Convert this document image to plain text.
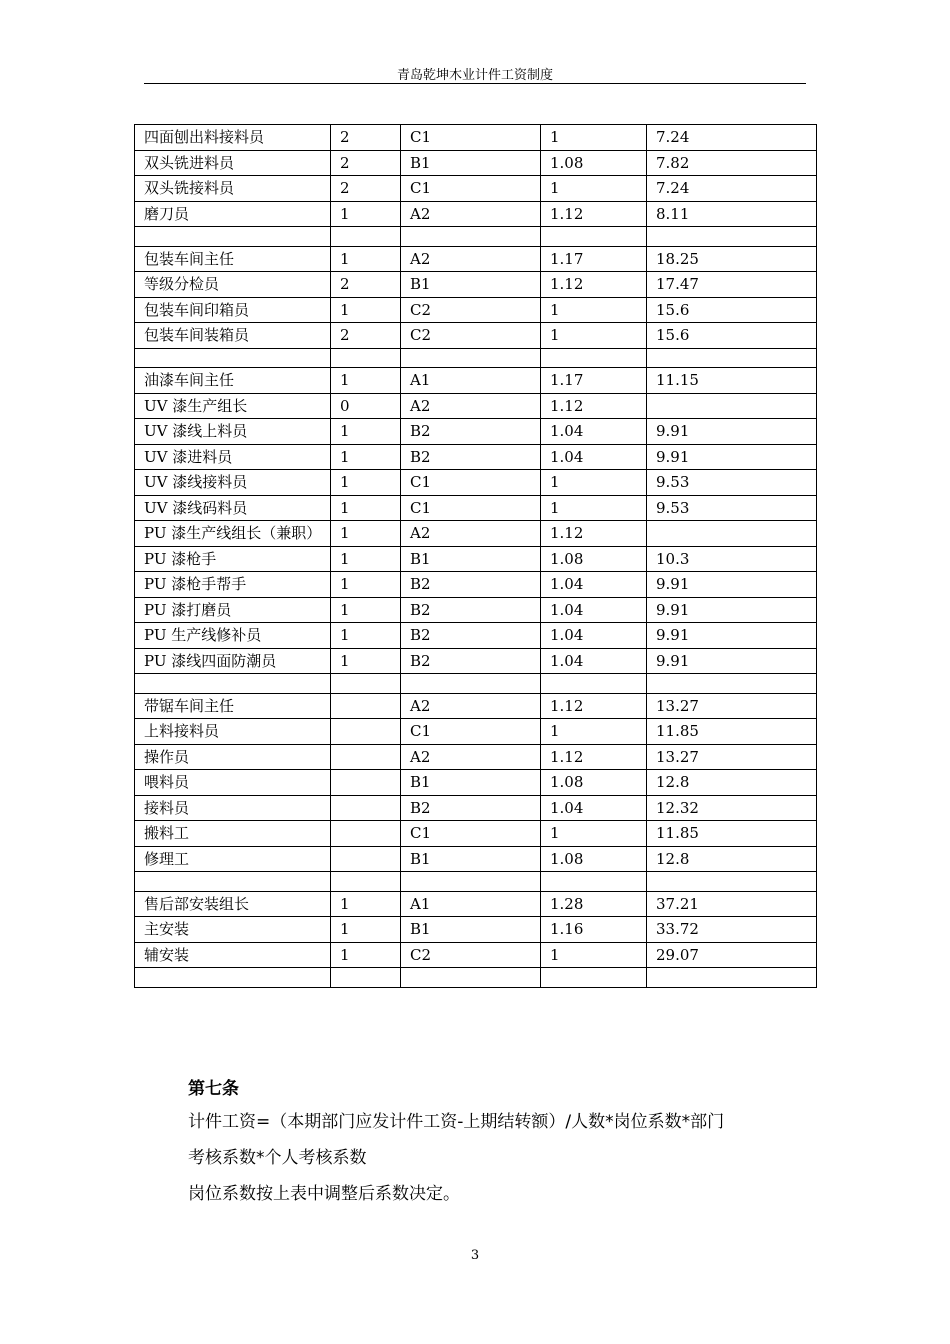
青岛乾坤木业计件工资制度
四面刨出料接料员	2	C1	1	7.24
双头铣进料员	2	B1	1.08	7.82
双头铣接料员	2	C1	1	7.24
磨刀员	1	A2	1.12	8.11

包装车间主任	1	A2	1.17	18.25
等级分检员	2	B1	1.12	17.47
包装车间印箱员	1	C2	1	15.6
包装车间装箱员	2	C2	1	15.6

油漆车间主任	1	A1	1.17	11.15
UV 漆生产组长	0	A2	1.12	
UV 漆线上料员	1	B2	1.04	9.91
UV 漆进料员	1	B2	1.04	9.91
UV 漆线接料员	1	C1	1	9.53
UV 漆线码料员	1	C1	1	9.53
PU 漆生产线组长（兼职）	1	A2	1.12	
PU 漆枪手	1	B1	1.08	10.3
PU 漆枪手帮手	1	B2	1.04	9.91
PU 漆打磨员	1	B2	1.04	9.91
PU 生产线修补员	1	B2	1.04	9.91
PU 漆线四面防潮员	1	B2	1.04	9.91

带锯车间主任		A2	1.12	13.27
上料接料员		C1	1	11.85
操作员		A2	1.12	13.27
喂料员		B1	1.08	12.8
接料员		B2	1.04	12.32
搬料工		C1	1	11.85
修理工		B1	1.08	12.8

售后部安装组长	1	A1	1.28	37.21
主安装	1	B1	1.16	33.72
辅安装	1	C2	1	29.07

第七条
计件工资=（本期部门应发计件工资-上期结转额）/人数*岗位系数*部门
考核系数*个人考核系数
岗位系数按上表中调整后系数决定。
3
